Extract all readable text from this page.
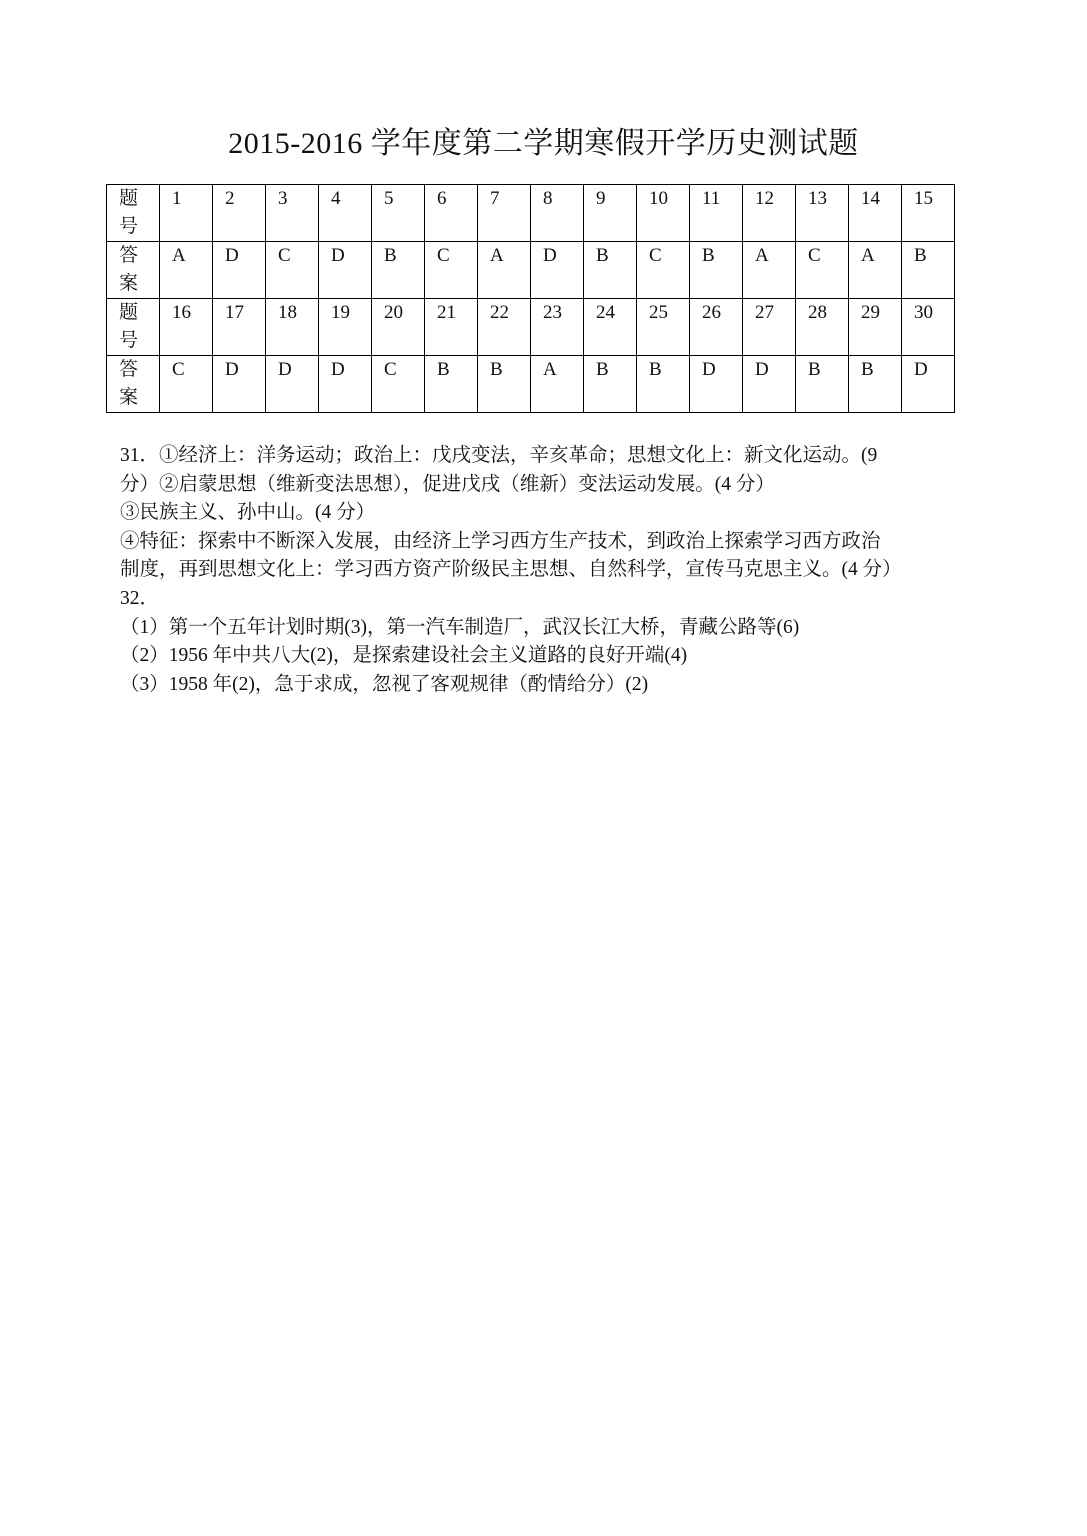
2015-2016 学年度第二学期寒假开学历史测试题
题
号	1	2	3	4	5	6	7	8	9	10	11	12	13	14	15

答
案	A	D	C	D	B	C	A	D	B	C	B	A	C	A	B

题
号	16	17	18	19	20	21	22	23	24	25	26	27	28	29	30

答
案	C	D	D	D	C	B	B	A	B	B	D	D	B	B	D

31．①经济上：洋务运动；政治上：戊戌变法，辛亥革命；思想文化上：新文化运动。(9

分）②启蒙思想（维新变法思想），促进戊戌（维新）变法运动发展。(4 分）

③民族主义、孙中山。(4 分）

④特征：探索中不断深入发展，由经济上学习西方生产技术，到政治上探索学习西方政治

制度，再到思想文化上：学习西方资产阶级民主思想、自然科学，宣传马克思主义。(4 分）

32．

（1）第一个五年计划时期(3)，第一汽车制造厂，武汉长江大桥，青藏公路等(6)

（2）1956 年中共八大(2)，是探索建设社会主义道路的良好开端(4)

（3）1958 年(2)，急于求成，忽视了客观规律（酌情给分）(2)
